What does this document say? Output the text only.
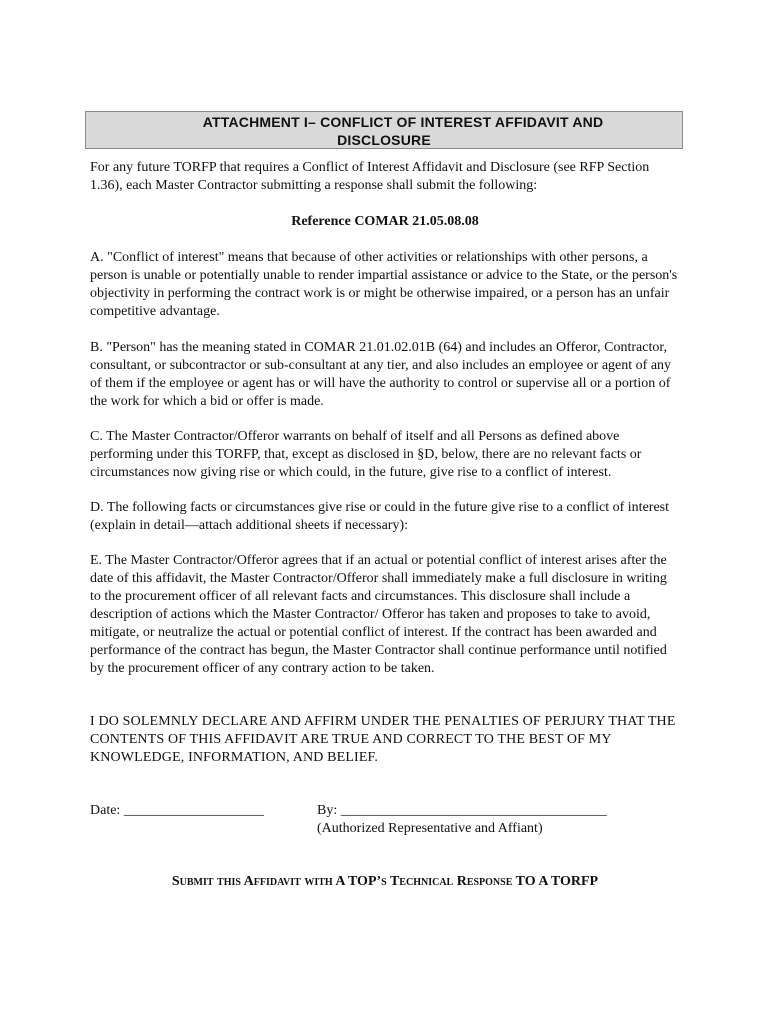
ATTACHMENT I– CONFLICT OF INTEREST AFFIDAVIT AND
DISCLOSURE

For any future TORFP that requires a Conflict of Interest Affidavit and Disclosure (see RFP Section 1.36), each Master Contractor submitting a response shall submit the following:

Reference COMAR 21.05.08.08

A. "Conflict of interest" means that because of other activities or relationships with other persons, a person is unable or potentially unable to render impartial assistance or advice to the State, or the person's objectivity in performing the contract work is or might be otherwise impaired, or a person has an unfair competitive advantage.

B. "Person" has the meaning stated in COMAR 21.01.02.01B (64) and includes an Offeror, Contractor, consultant, or subcontractor or sub-consultant at any tier, and also includes an employee or agent of any of them if the employee or agent has or will have the authority to control or supervise all or a portion of the work for which a bid or offer is made.

C. The Master Contractor/Offeror warrants on behalf of itself and all Persons as defined above performing under this TORFP, that, except as disclosed in §D, below, there are no relevant facts or circumstances now giving rise or which could, in the future, give rise to a conflict of interest.

D. The following facts or circumstances give rise or could in the future give rise to a conflict of interest (explain in detail—attach additional sheets if necessary):

E. The Master Contractor/Offeror agrees that if an actual or potential conflict of interest arises after the date of this affidavit, the Master Contractor/Offeror shall immediately make a full disclosure in writing to the procurement officer of all relevant facts and circumstances. This disclosure shall include a description of actions which the Master Contractor/ Offeror has taken and proposes to take to avoid, mitigate, or neutralize the actual or potential conflict of interest. If the contract has been awarded and performance of the contract has begun, the Master Contractor shall continue performance until notified by the procurement officer of any contrary action to be taken.

I DO SOLEMNLY DECLARE AND AFFIRM UNDER THE PENALTIES OF PERJURY THAT THE CONTENTS OF THIS AFFIDAVIT ARE TRUE AND CORRECT TO THE BEST OF MY KNOWLEDGE, INFORMATION, AND BELIEF.

Date: ____________________	By: ______________________________________
(Authorized Representative and Affiant)
Submit this Affidavit with A TOP’s Technical Response TO A TORFP
